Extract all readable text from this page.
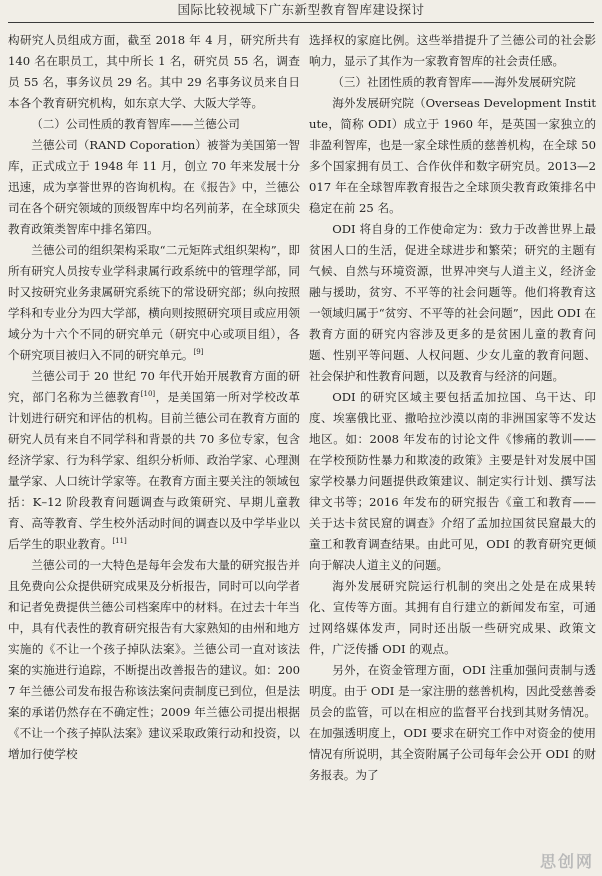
国际比较视域下广东新型教育智库建设探讨

构研究人员组成方面，截至 2018 年 4 月，研究所共有 140 名在职员工，其中所长 1 名，研究员 55 名，调查员 55 名，事务议员 29 名。其中 29 名事务议员来自日本各个教育研究机构，如东京大学、大阪大学等。

（二）公司性质的教育智库——兰德公司

兰德公司（RAND Coporation）被誉为美国第一智库，正式成立于 1948 年 11 月，创立 70 年来发展十分迅速，成为享誉世界的咨询机构。在《报告》中，兰德公司在各个研究领域的顶级智库中均名列前茅，在全球顶尖教育政策类智库中排名第四。

兰德公司的组织架构采取“二元矩阵式组织架构”，即所有研究人员按专业学科隶属行政系统中的管理学部，同时又按研究业务隶属研究系统下的常设研究部；纵向按照学科和专业分为四大学部，横向则按照研究项目或应用领域分为十六个不同的研究单元（研究中心或项目组），各个研究项目被归入不同的研究单元。[9]

兰德公司于 20 世纪 70 年代开始开展教育方面的研究，部门名称为兰德教育[10]，是美国第一所对学校改革计划进行研究和评估的机构。目前兰德公司在教育方面的研究人员有来自不同学科和背景的共 70 多位专家，包含经济学家、行为科学家、组织分析师、政治学家、心理测量学家、人口统计学家等。在教育方面主要关注的领域包括：K–12 阶段教育问题调查与政策研究、早期儿童教育、高等教育、学生校外活动时间的调查以及中学毕业以后学生的职业教育。[11]

兰德公司的一大特色是每年会发布大量的研究报告并且免费向公众提供研究成果及分析报告，同时可以向学者和记者免费提供兰德公司档案库中的材料。在过去十年当中，具有代表性的教育研究报告有大家熟知的由州和地方实施的《不让一个孩子掉队法案》。兰德公司一直对该法案的实施进行追踪，不断提出改善报告的建议。如：2007 年兰德公司发布报告称该法案问责制度已到位，但是法案的承诺仍然存在不确定性；2009 年兰德公司提出根据《不让一个孩子掉队法案》建议采取政策行动和投资，以增加行使学校

选择权的家庭比例。这些举措提升了兰德公司的社会影响力，显示了其作为一家教育智库的社会责任感。

（三）社团性质的教育智库——海外发展研究院

海外发展研究院（Overseas Development Institute，简称 ODI）成立于 1960 年，是英国一家独立的非盈利智库，也是一家全球性质的慈善机构，在全球 50 多个国家拥有员工、合作伙伴和数字研究员。2013—2017 年在全球智库教育报告之全球顶尖教育政策排名中稳定在前 25 名。

ODI 将自身的工作使命定为：致力于改善世界上最贫困人口的生活，促进全球进步和繁荣；研究的主题有气候、自然与环境资源，世界冲突与人道主义，经济金融与援助，贫穷、不平等的社会问题等。他们将教育这一领域归属于“贫穷、不平等的社会问题”，因此 ODI 在教育方面的研究内容涉及更多的是贫困儿童的教育问题、性别平等问题、人权问题、少女儿童的教育问题、社会保护和性教育问题，以及教育与经济的问题。

ODI 的研究区域主要包括孟加拉国、乌干达、印度、埃塞俄比亚、撒哈拉沙漠以南的非洲国家等不发达地区。如：2008 年发布的讨论文件《惨痛的教训——在学校预防性暴力和欺凌的政策》主要是针对发展中国家学校暴力问题提供政策建议、制定实行计划、撰写法律文书等；2016 年发布的研究报告《童工和教育——关于达卡贫民窟的调查》介绍了孟加拉国贫民窟最大的童工和教育调查结果。由此可见，ODI 的教育研究更倾向于解决人道主义的问题。

海外发展研究院运行机制的突出之处是在成果转化、宣传等方面。其拥有自行建立的新闻发布室，可通过网络媒体发声，同时还出版一些研究成果、政策文件，广泛传播 ODI 的观点。

另外，在资金管理方面，ODI 注重加强问责制与透明度。由于 ODI 是一家注册的慈善机构，因此受慈善委员会的监管，可以在相应的监督平台找到其财务情况。在加强透明度上，ODI 要求在研究工作中对资金的使用情况有所说明，其全资附属子公司每年会公开 ODI 的财务报表。为了

思创网
